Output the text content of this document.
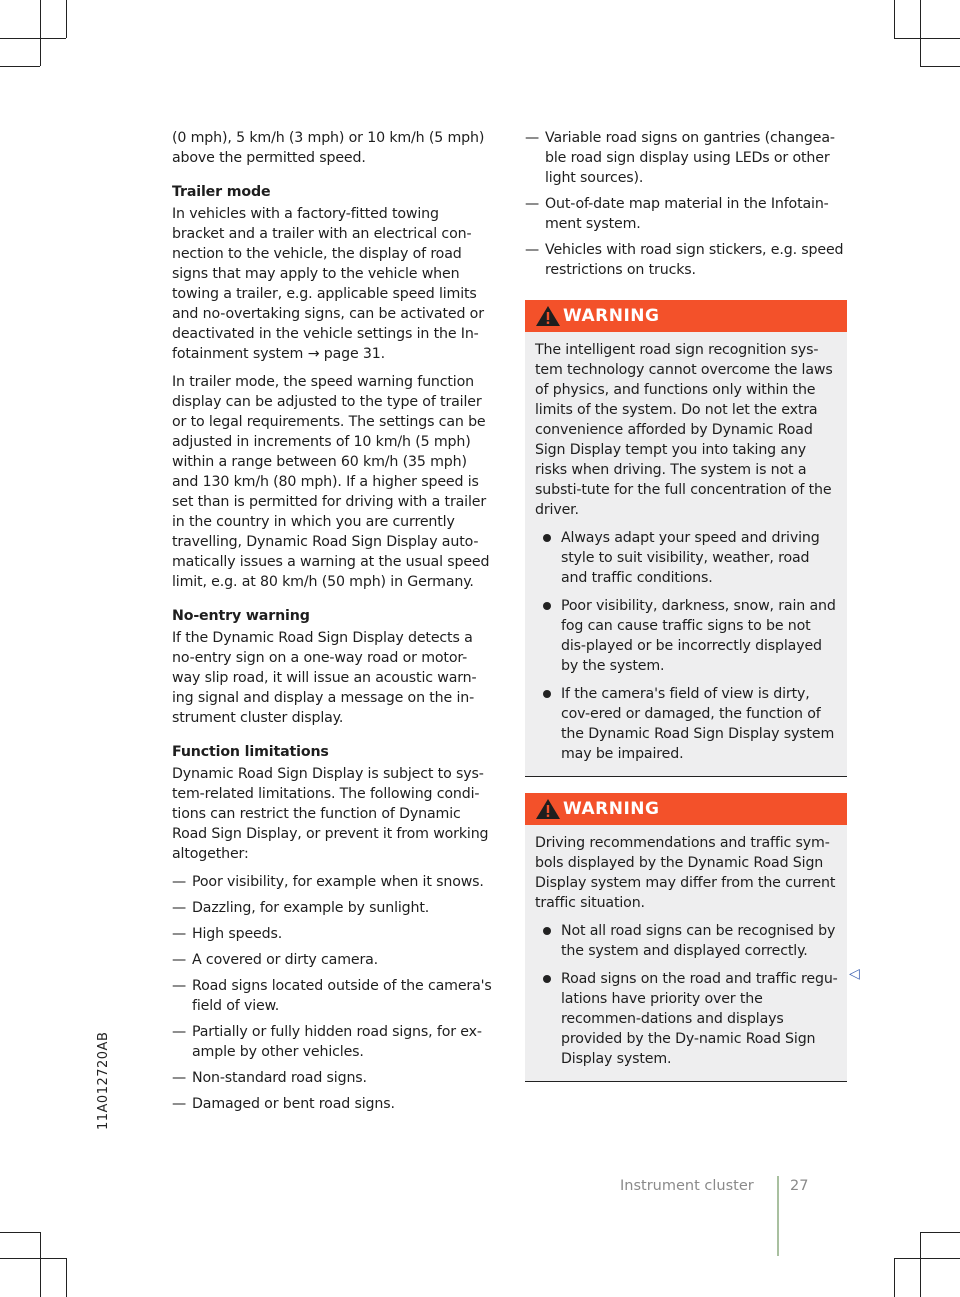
(0 mph), 5 km/h (3 mph) or 10 km/h (5 mph) above the permitted speed.

Trailer mode

In vehicles with a factory-fitted towing bracket and a trailer with an electrical con-nection to the vehicle, the display of road signs that may apply to the vehicle when towing a trailer, e.g. applicable speed limits and no-overtaking signs, can be activated or deactivated in the vehicle settings in the In-fotainment system → page 31.

In trailer mode, the speed warning function display can be adjusted to the type of trailer or to legal requirements. The settings can be adjusted in increments of 10 km/h (5 mph) within a range between 60 km/h (35 mph) and 130 km/h (80 mph). If a higher speed is set than is permitted for driving with a trailer in the country in which you are currently travelling, Dynamic Road Sign Display auto-matically issues a warning at the usual speed limit, e.g. at 80 km/h (50 mph) in Germany.

No-entry warning

If the Dynamic Road Sign Display detects a no-entry sign on a one-way road or motor-way slip road, it will issue an acoustic warn-ing signal and display a message on the in-strument cluster display.

Function limitations

Dynamic Road Sign Display is subject to sys-tem-related limitations. The following condi-tions can restrict the function of Dynamic Road Sign Display, or prevent it from working altogether:

— Poor visibility, for example when it snows.
— Dazzling, for example by sunlight.
— High speeds.
— A covered or dirty camera.
— Road signs located outside of the camera's field of view.
— Partially or fully hidden road signs, for ex-ample by other vehicles.
— Non-standard road signs.
— Damaged or bent road signs.
— Variable road signs on gantries (changea-ble road sign display using LEDs or other light sources).
— Out-of-date map material in the Infotain-ment system.
— Vehicles with road sign stickers, e.g. speed restrictions on trucks.
WARNING

The intelligent road sign recognition sys-tem technology cannot overcome the laws of physics, and functions only within the limits of the system. Do not let the extra convenience afforded by Dynamic Road Sign Display tempt you into taking any risks when driving. The system is not a substi-tute for the full concentration of the driver.

Always adapt your speed and driving style to suit visibility, weather, road and traffic conditions.
Poor visibility, darkness, snow, rain and fog can cause traffic signs to be not dis-played or be incorrectly displayed by the system.
If the camera's field of view is dirty, cov-ered or damaged, the function of the Dynamic Road Sign Display system may be impaired.
WARNING

Driving recommendations and traffic sym-bols displayed by the Dynamic Road Sign Display system may differ from the current traffic situation.

Not all road signs can be recognised by the system and displayed correctly.
Road signs on the road and traffic regu-lations have priority over the recommen-dations and displays provided by the Dy-namic Road Sign Display system.
◁
11A012720AB
Instrument cluster	27
